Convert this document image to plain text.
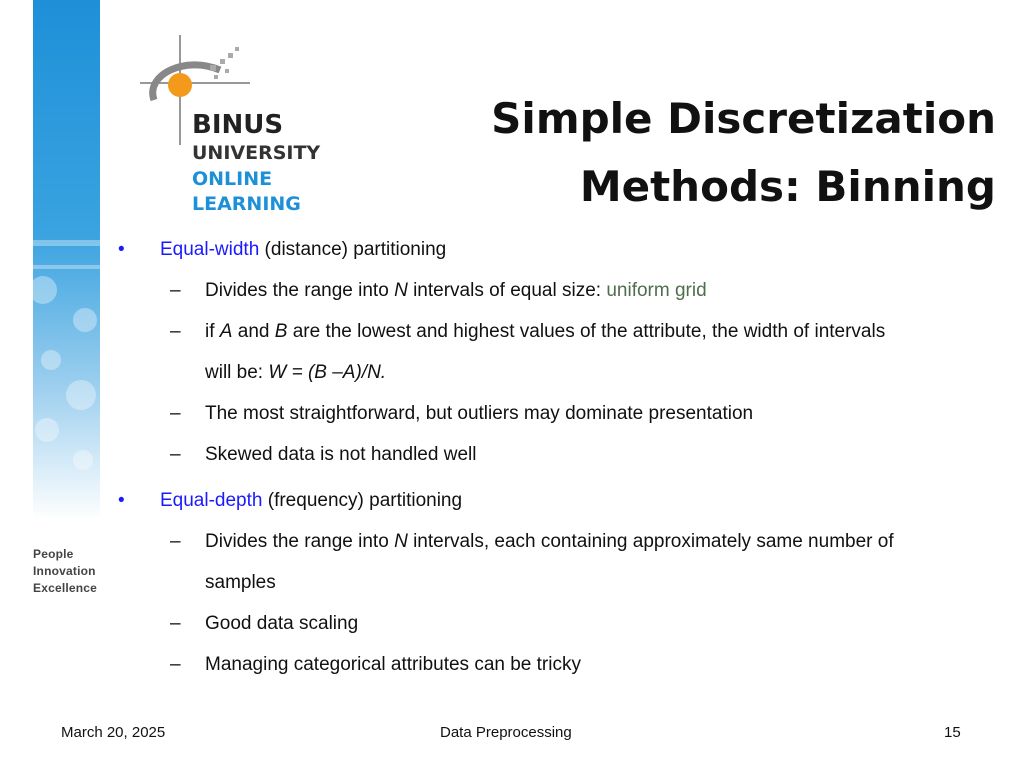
People
Innovation
Excellence
BINUS
UNIVERSITY
ONLINE
LEARNING
Simple Discretization
Methods: Binning
• Equal-width (distance) partitioning
– Divides the range into N intervals of equal size: uniform grid
– if A and B are the lowest and highest values of the attribute, the width of intervals
will be: W = (B –A)/N.
– The most straightforward, but outliers may dominate presentation
– Skewed data is not handled well
• Equal-depth (frequency) partitioning
– Divides the range into N intervals, each containing approximately same number of
samples
– Good data scaling
– Managing categorical attributes can be tricky
March 20, 2025	Data Preprocessing	15
